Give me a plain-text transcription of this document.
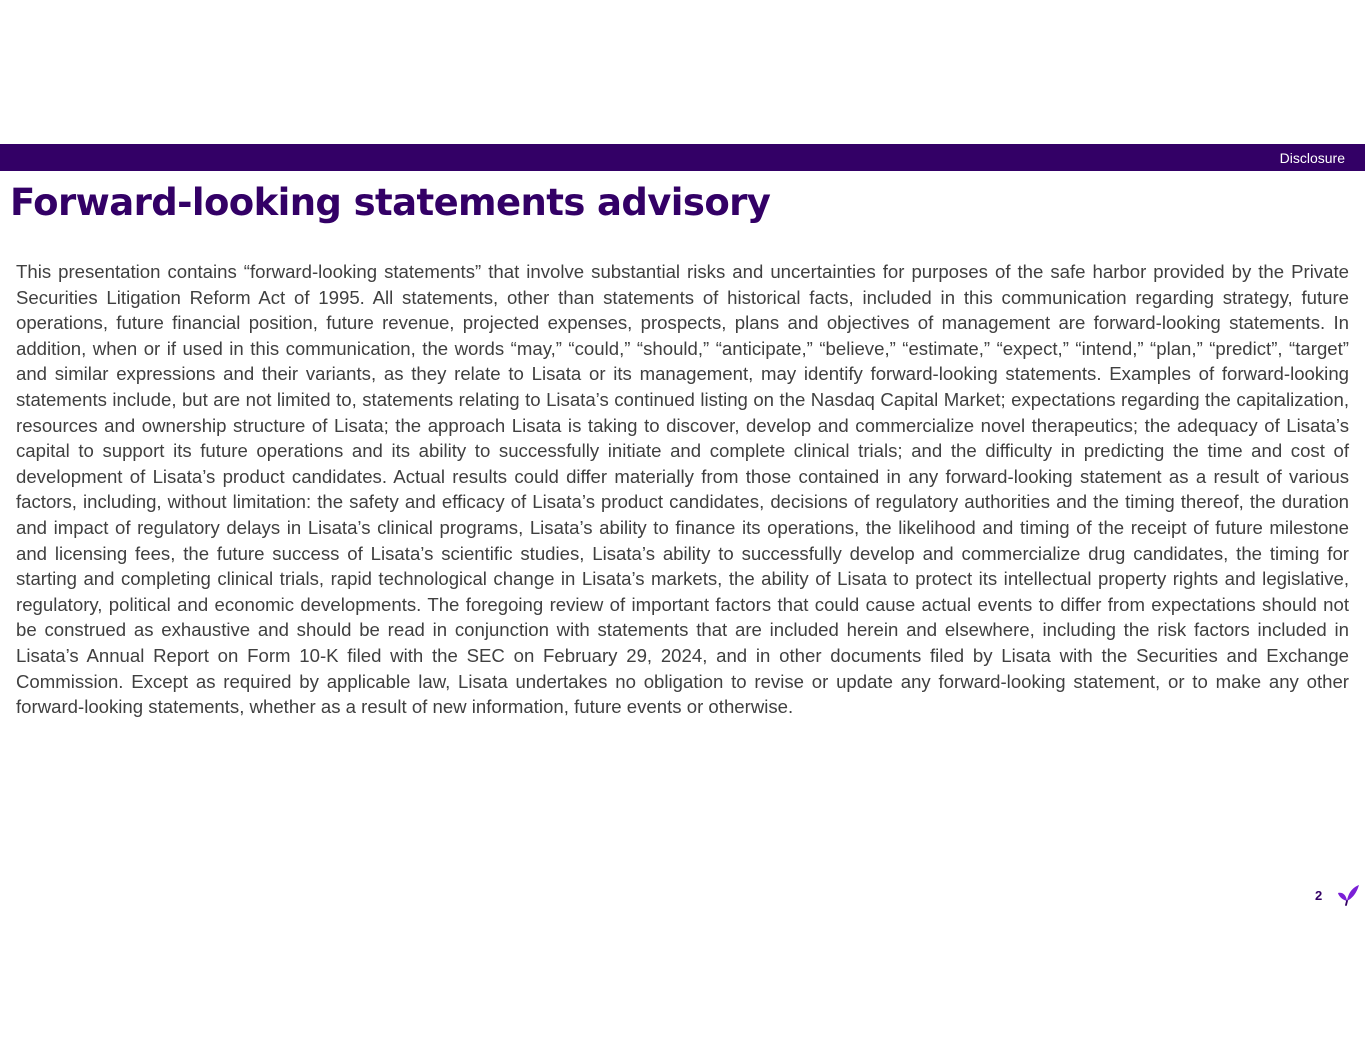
Disclosure
Forward-looking statements advisory

This presentation contains “forward-looking statements” that involve substantial risks and uncertainties for purposes of the safe harbor provided by the Private Securities Litigation Reform Act of 1995. All statements, other than statements of historical facts, included in this communication regarding strategy, future operations, future financial position, future revenue, projected expenses, prospects, plans and objectives of management are forward-looking statements. In addition, when or if used in this communication, the words “may,” “could,” “should,” “anticipate,” “believe,” “estimate,” “expect,” “intend,” “plan,” “predict”, “target” and similar expressions and their variants, as they relate to Lisata or its management, may identify forward-looking statements. Examples of forward-looking statements include, but are not limited to, statements relating to Lisata’s continued listing on the Nasdaq Capital Market; expectations regarding the capitalization, resources and ownership structure of Lisata; the approach Lisata is taking to discover, develop and commercialize novel therapeutics; the adequacy of Lisata’s capital to support its future operations and its ability to successfully initiate and complete clinical trials; and the difficulty in predicting the time and cost of development of Lisata’s product candidates. Actual results could differ materially from those contained in any forward-looking statement as a result of various factors, including, without limitation: the safety and efficacy of Lisata’s product candidates, decisions of regulatory authorities and the timing thereof, the duration and impact of regulatory delays in Lisata’s clinical programs, Lisata’s ability to finance its operations, the likelihood and timing of the receipt of future milestone and licensing fees, the future success of Lisata’s scientific studies, Lisata’s ability to successfully develop and commercialize drug candidates, the timing for starting and completing clinical trials, rapid technological change in Lisata’s markets, the ability of Lisata to protect its intellectual property rights and legislative, regulatory, political and economic developments. The foregoing review of important factors that could cause actual events to differ from expectations should not be construed as exhaustive and should be read in conjunction with statements that are included herein and elsewhere, including the risk factors included in Lisata’s Annual Report on Form 10-K filed with the SEC on February 29, 2024, and in other documents filed by Lisata with the Securities and Exchange Commission. Except as required by applicable law, Lisata undertakes no obligation to revise or update any forward-looking statement, or to make any other forward-looking statements, whether as a result of new information, future events or otherwise.

2
